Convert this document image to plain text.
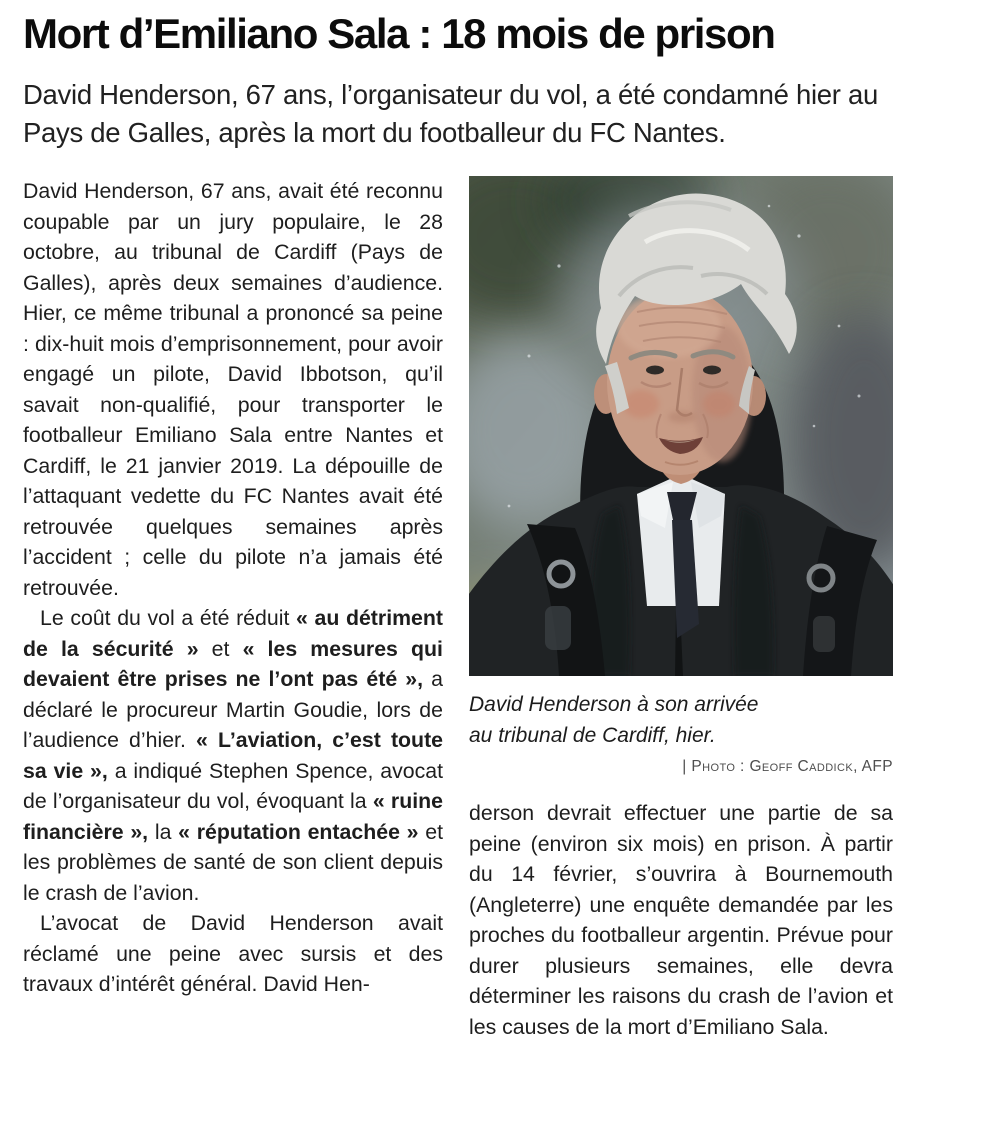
Mort d’Emiliano Sala : 18 mois de prison
David Henderson, 67 ans, l’organisateur du vol, a été condamné hier au Pays de Galles, après la mort du footballeur du FC Nantes.

David Henderson, 67 ans, avait été reconnu coupable par un jury populaire, le 28 octobre, au tribunal de Cardiff (Pays de Galles), après deux semaines d’audience. Hier, ce même tribunal a prononcé sa peine : dix-huit mois d’emprisonnement, pour avoir engagé un pilote, David Ibbotson, qu’il savait non-qualifié, pour transporter le footballeur Emiliano Sala entre Nantes et Cardiff, le 21 janvier 2019. La dépouille de l’attaquant vedette du FC Nantes avait été retrouvée quelques semaines après l’accident ; celle du pilote n’a jamais été retrouvée.

Le coût du vol a été réduit « au détriment de la sécurité » et « les mesures qui devaient être prises ne l’ont pas été », a déclaré le procureur Martin Goudie, lors de l’audience d’hier. « L’aviation, c’est toute sa vie », a indiqué Stephen Spence, avocat de l’organisateur du vol, évoquant la « ruine financière », la « réputation entachée » et les problèmes de santé de son client depuis le crash de l’avion.

L’avocat de David Henderson avait réclamé une peine avec sursis et des travaux d’intérêt général. David Hen-

David Henderson à son arrivée
au tribunal de Cardiff, hier.
| Photo : Geoff Caddick, AFP

derson devrait effectuer une partie de sa peine (environ six mois) en prison. À partir du 14 février, s’ouvrira à Bournemouth (Angleterre) une enquête demandée par les proches du footballeur argentin. Prévue pour durer plusieurs semaines, elle devra déterminer les raisons du crash de l’avion et les causes de la mort d’Emiliano Sala.
